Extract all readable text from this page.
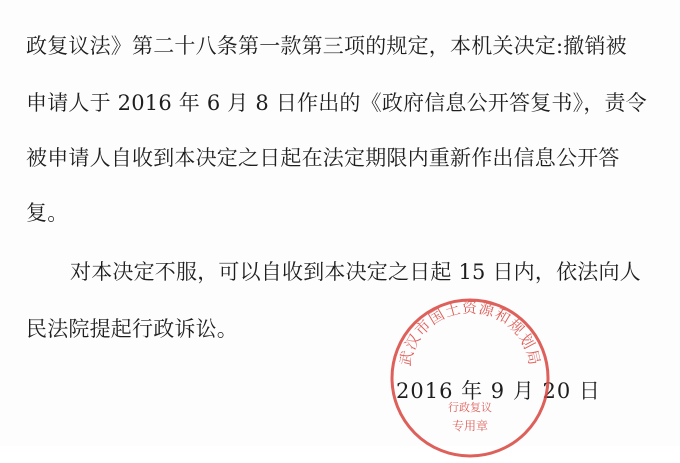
政复议法》第二十八条第一款第三项的规定，本机关决定:撤销被
申请人于 2016 年 6 月 8 日作出的《政府信息公开答复书》，责令
被申请人自收到本决定之日起在法定期限内重新作出信息公开答
复。
对本决定不服，可以自收到本决定之日起 15 日内，依法向人
民法院提起行政诉讼。
2016 年 9 月 20 日
武汉市国土资源和规划局
行政复议
专用章
